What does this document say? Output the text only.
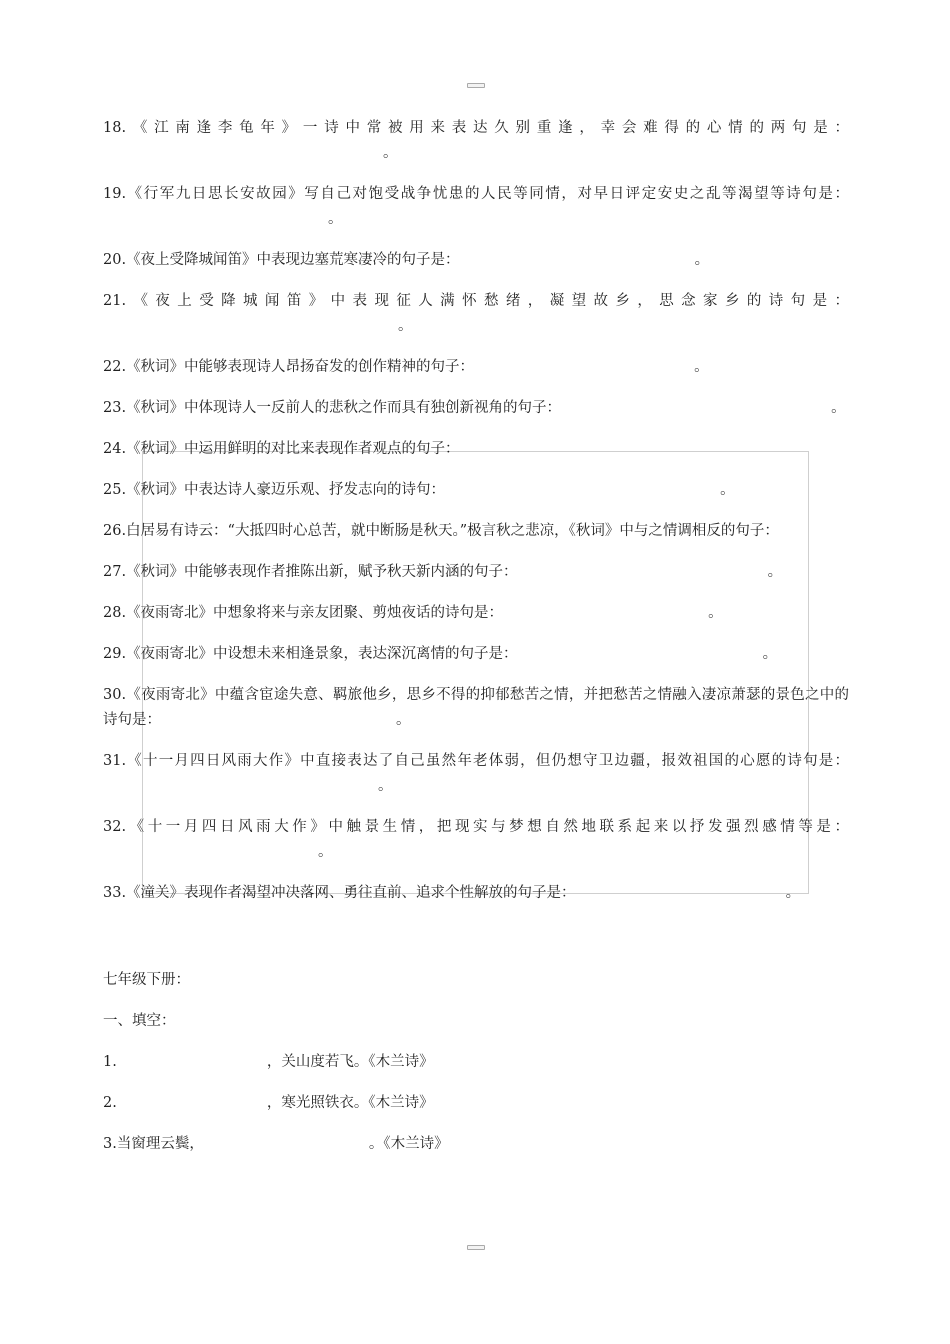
18.《江南逢李龟年》一诗中常被用来表达久别重逢，幸会难得的心情的两句是：。
19.《行军九日思长安故园》写自己对饱受战争忧患的人民等同情，对早日评定安史之乱等渴望等诗句是：。
20.《夜上受降城闻笛》中表现边塞荒寒凄冷的句子是：	。
21.《夜上受降城闻笛》中表现征人满怀愁绪，凝望故乡，思念家乡的诗句是：。
22.《秋词》中能够表现诗人昂扬奋发的创作精神的句子：	。
23.《秋词》中体现诗人一反前人的悲秋之作而具有独创新视角的句子：	。
24.《秋词》中运用鲜明的对比来表现作者观点的句子：
25.《秋词》中表达诗人豪迈乐观、抒发志向的诗句：	。
26.白居易有诗云：“大抵四时心总苦，就中断肠是秋天。”极言秋之悲凉，《秋词》中与之情调相反的句子：
27.《秋词》中能够表现作者推陈出新，赋予秋天新内涵的句子：	。
28.《夜雨寄北》中想象将来与亲友团聚、剪烛夜话的诗句是：	。
29.《夜雨寄北》中设想未来相逢景象，表达深沉离情的句子是：	。
30.《夜雨寄北》中蕴含宦途失意、羁旅他乡，思乡不得的抑郁愁苦之情，并把愁苦之情融入凄凉萧瑟的景色之中的诗句是：	。
31.《十一月四日风雨大作》中直接表达了自己虽然年老体弱，但仍想守卫边疆，报效祖国的心愿的诗句是：。
32.《十一月四日风雨大作》中触景生情，把现实与梦想自然地联系起来以抒发强烈感情等是：。
33.《潼关》表现作者渴望冲决落网、勇往直前、追求个性解放的句子是：	。
七年级下册：
一、填空：
1.	，关山度若飞。《木兰诗》
2.	，寒光照铁衣。《木兰诗》
3.当窗理云鬓，	。《木兰诗》
